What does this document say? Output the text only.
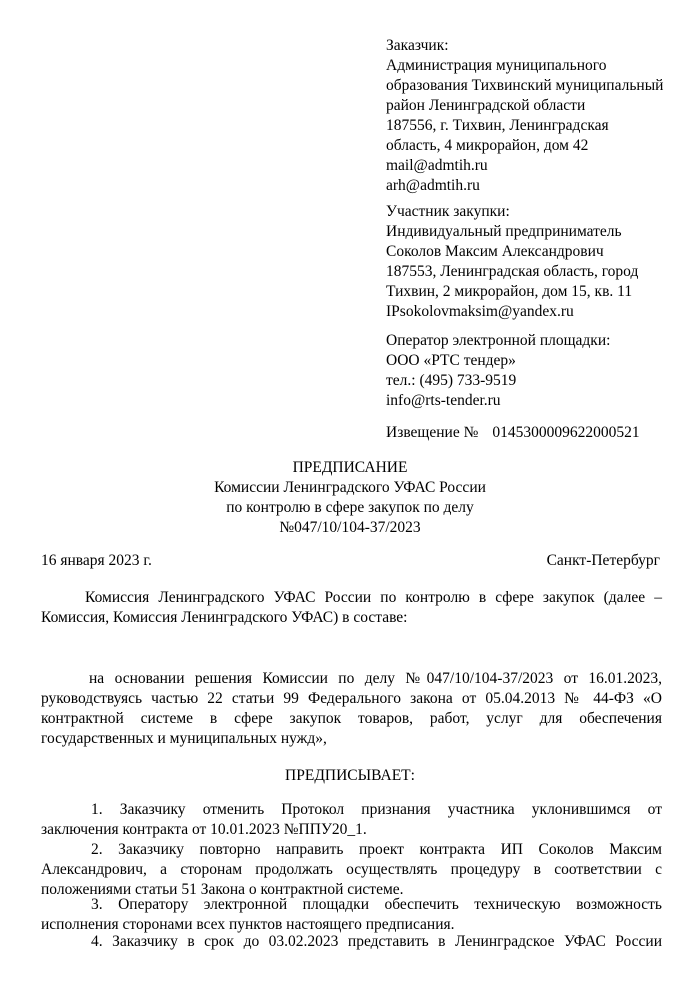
Заказчик:
Администрация муниципального
образования Тихвинский муниципальный
район Ленинградской области
187556, г. Тихвин, Ленинградская
область, 4 микрорайон, дом 42
mail@admtih.ru
arh@admtih.ru
Участник закупки:
Индивидуальный предприниматель
Соколов Максим Александрович
187553, Ленинградская область, город
Тихвин, 2 микрорайон, дом 15, кв. 11
IPsokolovmaksim@yandex.ru
Оператор электронной площадки:
ООО «РТС тендер»
тел.: (495) 733-9519
info@rts-tender.ru
Извещение № 0145300009622000521
ПРЕДПИСАНИЕ
Комиссии Ленинградского УФАС России
по контролю в сфере закупок по делу
№047/10/104-37/2023
16 января 2023 г.	Санкт-Петербург
Комиссия Ленинградского УФАС России по контролю в сфере закупок (далее –
Комиссия, Комиссия Ленинградского УФАС) в составе:
на основании решения Комиссии по делу №047/10/104-37/2023 от 16.01.2023,
руководствуясь частью 22 статьи 99 Федерального закона от 05.04.2013 № 44-ФЗ «О
контрактной системе в сфере закупок товаров, работ, услуг для обеспечения
государственных и муниципальных нужд»,
ПРЕДПИСЫВАЕТ:
1. Заказчику отменить Протокол признания участника уклонившимся от
заключения контракта от 10.01.2023 №ППУ20_1.
2. Заказчику повторно направить проект контракта ИП Соколов Максим
Александрович, а сторонам продолжать осуществлять процедуру в соответствии с
положениями статьи 51 Закона о контрактной системе.
3. Оператору электронной площадки обеспечить техническую возможность
исполнения сторонами всех пунктов настоящего предписания.
4. Заказчику в срок до 03.02.2023 представить в Ленинградское УФАС России
